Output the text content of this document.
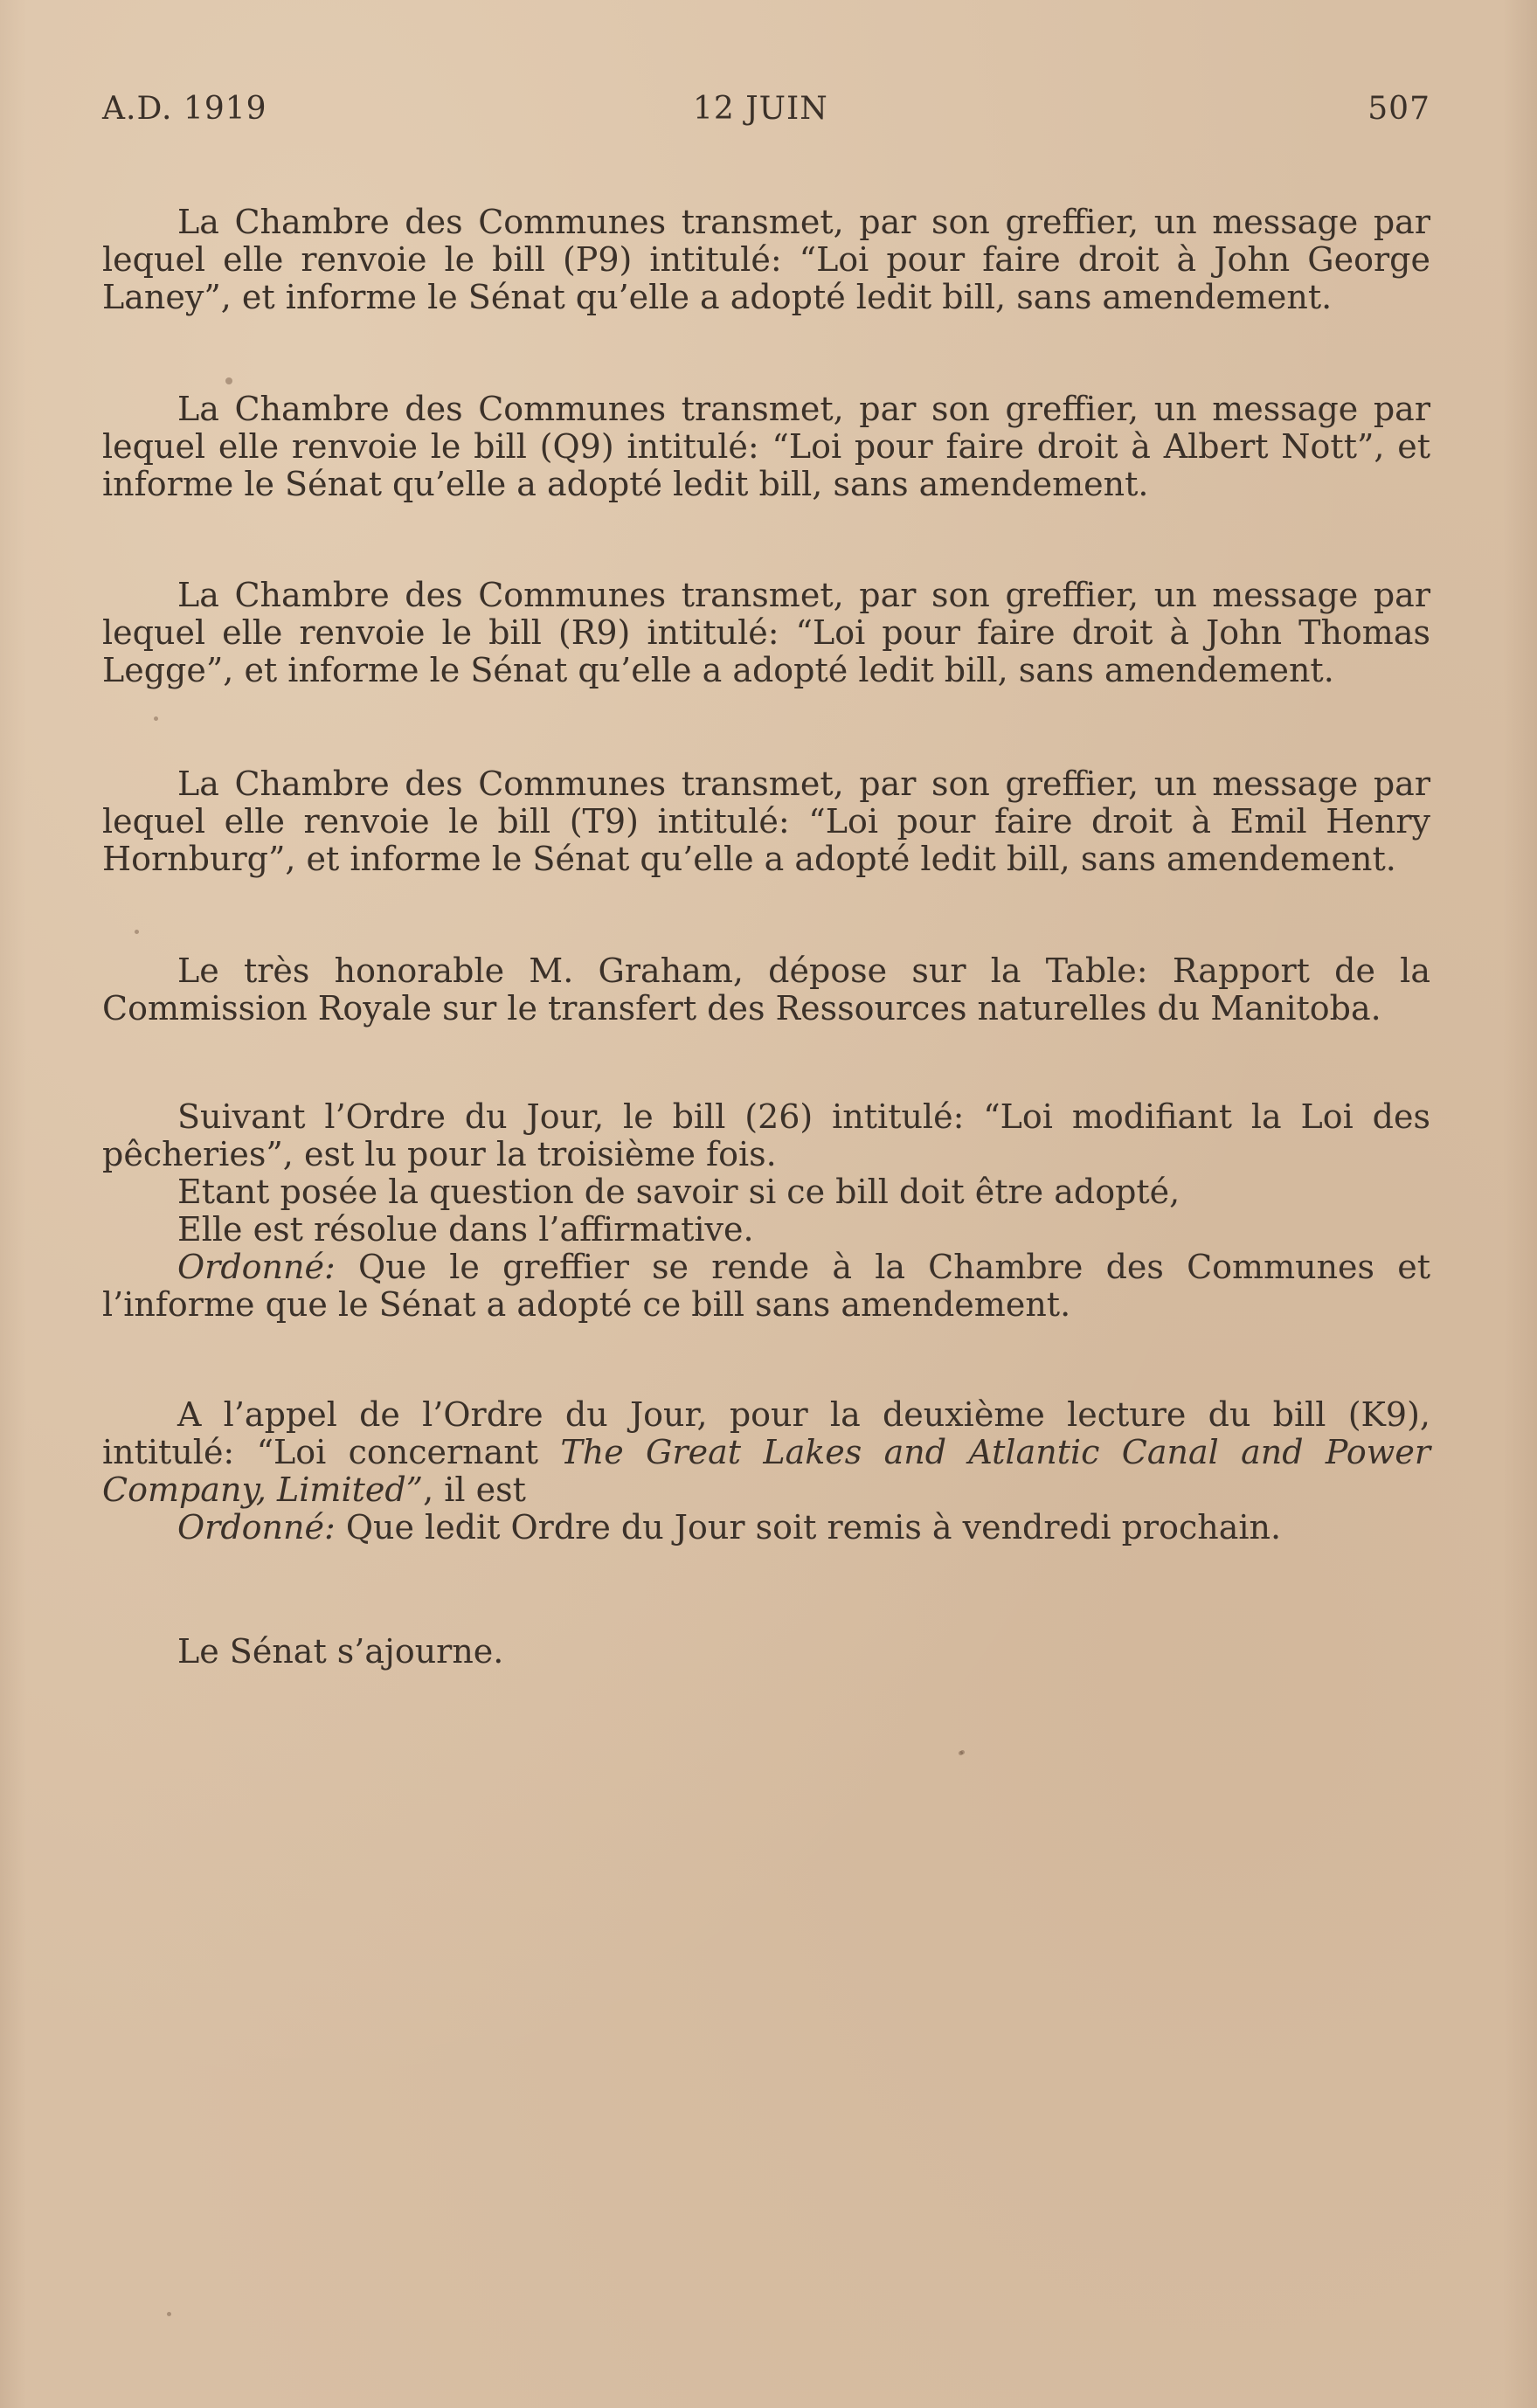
A.D. 1919	12 JUIN	507

La Chambre des Communes transmet, par son greffier, un message par lequel elle renvoie le bill (P9) intitulé: “Loi pour faire droit à John George Laney”, et informe le Sénat qu’elle a adopté ledit bill, sans amendement.

La Chambre des Communes transmet, par son greffier, un message par lequel elle renvoie le bill (Q9) intitulé: “Loi pour faire droit à Albert Nott”, et informe le Sénat qu’elle a adopté ledit bill, sans amendement.

La Chambre des Communes transmet, par son greffier, un message par lequel elle renvoie le bill (R9) intitulé: “Loi pour faire droit à John Thomas Legge”, et informe le Sénat qu’elle a adopté ledit bill, sans amendement.

La Chambre des Communes transmet, par son greffier, un message par lequel elle renvoie le bill (T9) intitulé: “Loi pour faire droit à Emil Henry Hornburg”, et informe le Sénat qu’elle a adopté ledit bill, sans amendement.

Le très honorable M. Graham, dépose sur la Table: Rapport de la Commission Royale sur le transfert des Ressources naturelles du Manitoba.

Suivant l’Ordre du Jour, le bill (26) intitulé: “Loi modifiant la Loi des pêcheries”, est lu pour la troisième fois.

Etant posée la question de savoir si ce bill doit être adopté,

Elle est résolue dans l’affirmative.

Ordonné: Que le greffier se rende à la Chambre des Communes et l’informe que le Sénat a adopté ce bill sans amendement.

A l’appel de l’Ordre du Jour, pour la deuxième lecture du bill (K9), intitulé: “Loi concernant The Great Lakes and Atlantic Canal and Power Company, Limited”, il est

Ordonné: Que ledit Ordre du Jour soit remis à vendredi prochain.

Le Sénat s’ajourne.
